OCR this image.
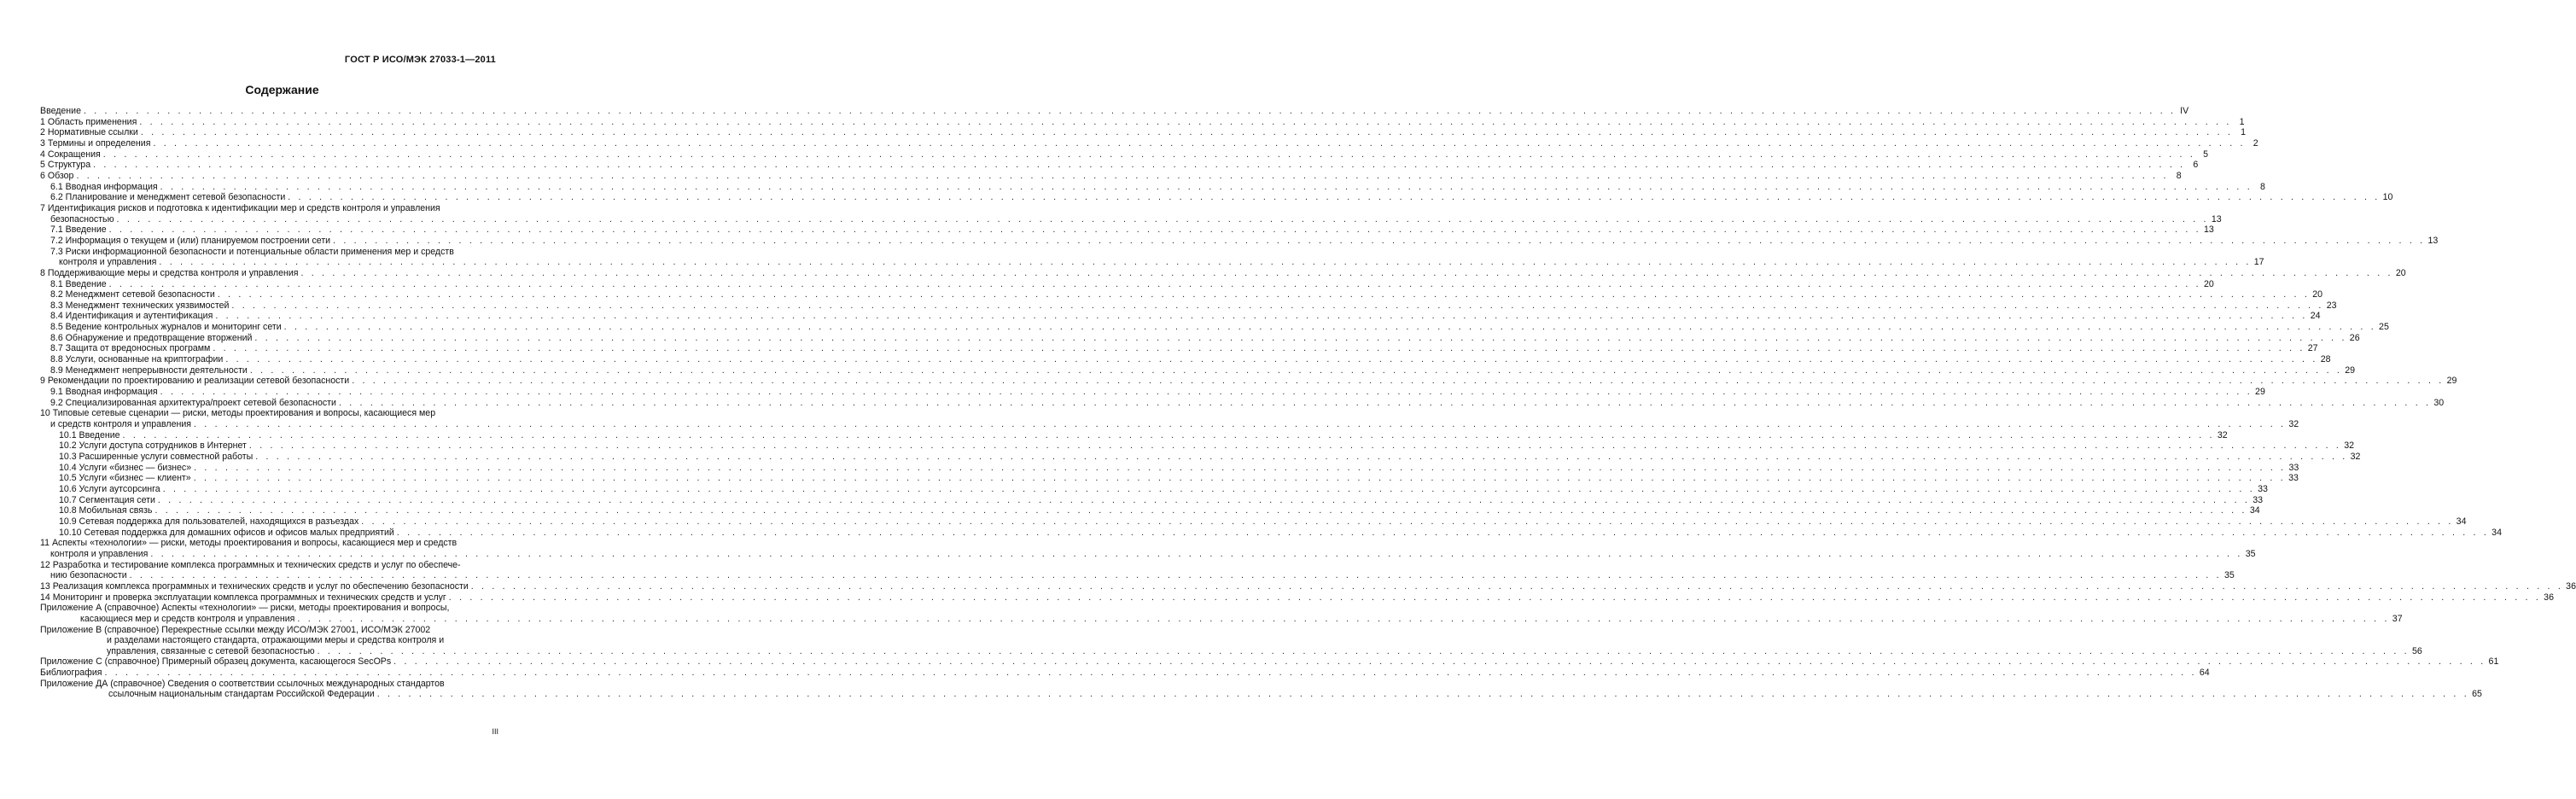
ГОСТ Р ИСО/МЭК 27033-1—2011
Содержание
Введение . . . . . . . . . . . . . . . . . . . . . . . . . . . . . . . . . . . . . . . . . . . . . . . . . . . . . . . . . . . . . . . . . . . . . . . . . . . . . . . . . . . . . . . . . . . . . . . . . . . . . . . . . . . . . . . . . . . . . . . . . . . . . . . . . . . . . . . . . . . . . . . . . . . . . . . . . . . . . . . . . . . . . . . . . . . . . . . . . . . . . . . . . . . . . . . . . . . . . . . . IV
1 Область применения . . . . . . . . . . . . . . . . . . . . . . . . . . . . . . . . . . . . . . . . . . . . . . . . . . . . . . . . . . . . . . . . . . . . . . . . . . . . . . . . . . . . . . . . . . . . . . . . . . . . . . . . . . . . . . . . . . . . . . . . . . . . . . . . . . . . . . . . . . . . . . . . . . . . . . . . . . . . . . . . . . . . . . . . . . . . . . . . . . . . . . . . . . . . . . . . . . . . . . . . 1
2 Нормативные ссылки . . . . . . . . . . . . . . . . . . . . . . . . . . . . . . . . . . . . . . . . . . . . . . . . . . . . . . . . . . . . . . . . . . . . . . . . . . . . . . . . . . . . . . . . . . . . . . . . . . . . . . . . . . . . . . . . . . . . . . . . . . . . . . . . . . . . . . . . . . . . . . . . . . . . . . . . . . . . . . . . . . . . . . . . . . . . . . . . . . . . . . . . . . . . . . . . . . . . . . . . 1
3 Термины и определения . . . . . . . . . . . . . . . . . . . . . . . . . . . . . . . . . . . . . . . . . . . . . . . . . . . . . . . . . . . . . . . . . . . . . . . . . . . . . . . . . . . . . . . . . . . . . . . . . . . . . . . . . . . . . . . . . . . . . . . . . . . . . . . . . . . . . . . . . . . . . . . . . . . . . . . . . . . . . . . . . . . . . . . . . . . . . . . . . . . . . . . . . . . . . . . . . . . . . . . . 2
4 Сокращения . . . . . . . . . . . . . . . . . . . . . . . . . . . . . . . . . . . . . . . . . . . . . . . . . . . . . . . . . . . . . . . . . . . . . . . . . . . . . . . . . . . . . . . . . . . . . . . . . . . . . . . . . . . . . . . . . . . . . . . . . . . . . . . . . . . . . . . . . . . . . . . . . . . . . . . . . . . . . . . . . . . . . . . . . . . . . . . . . . . . . . . . . . . . . . . . . . . . . . . . 5
5 Структура . . . . . . . . . . . . . . . . . . . . . . . . . . . . . . . . . . . . . . . . . . . . . . . . . . . . . . . . . . . . . . . . . . . . . . . . . . . . . . . . . . . . . . . . . . . . . . . . . . . . . . . . . . . . . . . . . . . . . . . . . . . . . . . . . . . . . . . . . . . . . . . . . . . . . . . . . . . . . . . . . . . . . . . . . . . . . . . . . . . . . . . . . . . . . . . . . . . . . . . . 6
6 Обзор . . . . . . . . . . . . . . . . . . . . . . . . . . . . . . . . . . . . . . . . . . . . . . . . . . . . . . . . . . . . . . . . . . . . . . . . . . . . . . . . . . . . . . . . . . . . . . . . . . . . . . . . . . . . . . . . . . . . . . . . . . . . . . . . . . . . . . . . . . . . . . . . . . . . . . . . . . . . . . . . . . . . . . . . . . . . . . . . . . . . . . . . . . . . . . . . . . . . . . . . 8
6.1 Вводная информация . . . . . . . . . . . . . . . . . . . . . . . . . . . . . . . . . . . . . . . . . . . . . . . . . . . . . . . . . . . . . . . . . . . . . . . . . . . . . . . . . . . . . . . . . . . . . . . . . . . . . . . . . . . . . . . . . . . . . . . . . . . . . . . . . . . . . . . . . . . . . . . . . . . . . . . . . . . . . . . . . . . . . . . . . . . . . . . . . . . . . . . . . . . . . . . . . . . . . . . . 8
6.2 Планирование и менеджмент сетевой безопасности . . . . . . . . . . . . . . . . . . . . . . . . . . . . . . . . . . . . . . . . . . . . . . . . . . . . . . . . . . . . . . . . . . . . . . . . . . . . . . . . . . . . . . . . . . . . . . . . . . . . . . . . . . . . . . . . . . . . . . . . . . . . . . . . . . . . . . . . . . . . . . . . . . . . . . . . . . . . . . . . . . . . . . . . . . . . . . . . . . . . . . . . . . . . . . . . . . . . . . . . 10
7 Идентификация рисков и подготовка к идентификации мер и средств контроля и управления
безопасностью . . . . . . . . . . . . . . . . . . . . . . . . . . . . . . . . . . . . . . . . . . . . . . . . . . . . . . . . . . . . . . . . . . . . . . . . . . . . . . . . . . . . . . . . . . . . . . . . . . . . . . . . . . . . . . . . . . . . . . . . . . . . . . . . . . . . . . . . . . . . . . . . . . . . . . . . . . . . . . . . . . . . . . . . . . . . . . . . . . . . . . . . . . . . . . . . . . . . . . . . 13
7.1 Введение . . . . . . . . . . . . . . . . . . . . . . . . . . . . . . . . . . . . . . . . . . . . . . . . . . . . . . . . . . . . . . . . . . . . . . . . . . . . . . . . . . . . . . . . . . . . . . . . . . . . . . . . . . . . . . . . . . . . . . . . . . . . . . . . . . . . . . . . . . . . . . . . . . . . . . . . . . . . . . . . . . . . . . . . . . . . . . . . . . . . . . . . . . . . . . . . . . . . . . . . 13
7.2 Информация о текущем и (или) планируемом построении сети . . . . . . . . . . . . . . . . . . . . . . . . . . . . . . . . . . . . . . . . . . . . . . . . . . . . . . . . . . . . . . . . . . . . . . . . . . . . . . . . . . . . . . . . . . . . . . . . . . . . . . . . . . . . . . . . . . . . . . . . . . . . . . . . . . . . . . . . . . . . . . . . . . . . . . . . . . . . . . . . . . . . . . . . . . . . . . . . . . . . . . . . . . . . . . . . . . . . . . . . 13
7.3 Риски информационной безопасности и потенциальные области применения мер и средств
контроля и управления . . . . . . . . . . . . . . . . . . . . . . . . . . . . . . . . . . . . . . . . . . . . . . . . . . . . . . . . . . . . . . . . . . . . . . . . . . . . . . . . . . . . . . . . . . . . . . . . . . . . . . . . . . . . . . . . . . . . . . . . . . . . . . . . . . . . . . . . . . . . . . . . . . . . . . . . . . . . . . . . . . . . . . . . . . . . . . . . . . . . . . . . . . . . . . . . . . . . . . . . 17
8 Поддерживающие меры и средства контроля и управления . . . . . . . . . . . . . . . . . . . . . . . . . . . . . . . . . . . . . . . . . . . . . . . . . . . . . . . . . . . . . . . . . . . . . . . . . . . . . . . . . . . . . . . . . . . . . . . . . . . . . . . . . . . . . . . . . . . . . . . . . . . . . . . . . . . . . . . . . . . . . . . . . . . . . . . . . . . . . . . . . . . . . . . . . . . . . . . . . . . . . . . . . . . . . . . . . . . . . . . . 20
8.1 Введение . . . . . . . . . . . . . . . . . . . . . . . . . . . . . . . . . . . . . . . . . . . . . . . . . . . . . . . . . . . . . . . . . . . . . . . . . . . . . . . . . . . . . . . . . . . . . . . . . . . . . . . . . . . . . . . . . . . . . . . . . . . . . . . . . . . . . . . . . . . . . . . . . . . . . . . . . . . . . . . . . . . . . . . . . . . . . . . . . . . . . . . . . . . . . . . . . . . . . . . . 20
8.2 Менеджмент сетевой безопасности . . . . . . . . . . . . . . . . . . . . . . . . . . . . . . . . . . . . . . . . . . . . . . . . . . . . . . . . . . . . . . . . . . . . . . . . . . . . . . . . . . . . . . . . . . . . . . . . . . . . . . . . . . . . . . . . . . . . . . . . . . . . . . . . . . . . . . . . . . . . . . . . . . . . . . . . . . . . . . . . . . . . . . . . . . . . . . . . . . . . . . . . . . . . . . . . . . . . . . . . 20
8.3 Менеджмент технических уязвимостей . . . . . . . . . . . . . . . . . . . . . . . . . . . . . . . . . . . . . . . . . . . . . . . . . . . . . . . . . . . . . . . . . . . . . . . . . . . . . . . . . . . . . . . . . . . . . . . . . . . . . . . . . . . . . . . . . . . . . . . . . . . . . . . . . . . . . . . . . . . . . . . . . . . . . . . . . . . . . . . . . . . . . . . . . . . . . . . . . . . . . . . . . . . . . . . . . . . . . . . . 23
8.4 Идентификация и аутентификация . . . . . . . . . . . . . . . . . . . . . . . . . . . . . . . . . . . . . . . . . . . . . . . . . . . . . . . . . . . . . . . . . . . . . . . . . . . . . . . . . . . . . . . . . . . . . . . . . . . . . . . . . . . . . . . . . . . . . . . . . . . . . . . . . . . . . . . . . . . . . . . . . . . . . . . . . . . . . . . . . . . . . . . . . . . . . . . . . . . . . . . . . . . . . . . . . . . . . . . . 24
8.5 Ведение контрольных журналов и мониторинг сети . . . . . . . . . . . . . . . . . . . . . . . . . . . . . . . . . . . . . . . . . . . . . . . . . . . . . . . . . . . . . . . . . . . . . . . . . . . . . . . . . . . . . . . . . . . . . . . . . . . . . . . . . . . . . . . . . . . . . . . . . . . . . . . . . . . . . . . . . . . . . . . . . . . . . . . . . . . . . . . . . . . . . . . . . . . . . . . . . . . . . . . . . . . . . . . . . . . . . . . . 25
8.6 Обнаружение и предотвращение вторжений . . . . . . . . . . . . . . . . . . . . . . . . . . . . . . . . . . . . . . . . . . . . . . . . . . . . . . . . . . . . . . . . . . . . . . . . . . . . . . . . . . . . . . . . . . . . . . . . . . . . . . . . . . . . . . . . . . . . . . . . . . . . . . . . . . . . . . . . . . . . . . . . . . . . . . . . . . . . . . . . . . . . . . . . . . . . . . . . . . . . . . . . . . . . . . . . . . . . . . . . 26
8.7 Защита от вредоносных программ . . . . . . . . . . . . . . . . . . . . . . . . . . . . . . . . . . . . . . . . . . . . . . . . . . . . . . . . . . . . . . . . . . . . . . . . . . . . . . . . . . . . . . . . . . . . . . . . . . . . . . . . . . . . . . . . . . . . . . . . . . . . . . . . . . . . . . . . . . . . . . . . . . . . . . . . . . . . . . . . . . . . . . . . . . . . . . . . . . . . . . . . . . . . . . . . . . . . . . . . 27
8.8 Услуги, основанные на криптографии . . . . . . . . . . . . . . . . . . . . . . . . . . . . . . . . . . . . . . . . . . . . . . . . . . . . . . . . . . . . . . . . . . . . . . . . . . . . . . . . . . . . . . . . . . . . . . . . . . . . . . . . . . . . . . . . . . . . . . . . . . . . . . . . . . . . . . . . . . . . . . . . . . . . . . . . . . . . . . . . . . . . . . . . . . . . . . . . . . . . . . . . . . . . . . . . . . . . . . . . 28
8.9 Менеджмент непрерывности деятельности . . . . . . . . . . . . . . . . . . . . . . . . . . . . . . . . . . . . . . . . . . . . . . . . . . . . . . . . . . . . . . . . . . . . . . . . . . . . . . . . . . . . . . . . . . . . . . . . . . . . . . . . . . . . . . . . . . . . . . . . . . . . . . . . . . . . . . . . . . . . . . . . . . . . . . . . . . . . . . . . . . . . . . . . . . . . . . . . . . . . . . . . . . . . . . . . . . . . . . . . 29
9 Рекомендации по проектированию и реализации сетевой безопасности . . . . . . . . . . . . . . . . . . . . . . . . . . . . . . . . . . . . . . . . . . . . . . . . . . . . . . . . . . . . . . . . . . . . . . . . . . . . . . . . . . . . . . . . . . . . . . . . . . . . . . . . . . . . . . . . . . . . . . . . . . . . . . . . . . . . . . . . . . . . . . . . . . . . . . . . . . . . . . . . . . . . . . . . . . . . . . . . . . . . . . . . . . . . . . . . . . . . . . . . 29
9.1 Вводная информация . . . . . . . . . . . . . . . . . . . . . . . . . . . . . . . . . . . . . . . . . . . . . . . . . . . . . . . . . . . . . . . . . . . . . . . . . . . . . . . . . . . . . . . . . . . . . . . . . . . . . . . . . . . . . . . . . . . . . . . . . . . . . . . . . . . . . . . . . . . . . . . . . . . . . . . . . . . . . . . . . . . . . . . . . . . . . . . . . . . . . . . . . . . . . . . . . . . . . . . . 29
9.2 Специализированная архитектура/проект сетевой безопасности . . . . . . . . . . . . . . . . . . . . . . . . . . . . . . . . . . . . . . . . . . . . . . . . . . . . . . . . . . . . . . . . . . . . . . . . . . . . . . . . . . . . . . . . . . . . . . . . . . . . . . . . . . . . . . . . . . . . . . . . . . . . . . . . . . . . . . . . . . . . . . . . . . . . . . . . . . . . . . . . . . . . . . . . . . . . . . . . . . . . . . . . . . . . . . . . . . . . . . . . 30
10 Типовые сетевые сценарии — риски, методы проектирования и вопросы, касающиеся мер
и средств контроля и управления . . . . . . . . . . . . . . . . . . . . . . . . . . . . . . . . . . . . . . . . . . . . . . . . . . . . . . . . . . . . . . . . . . . . . . . . . . . . . . . . . . . . . . . . . . . . . . . . . . . . . . . . . . . . . . . . . . . . . . . . . . . . . . . . . . . . . . . . . . . . . . . . . . . . . . . . . . . . . . . . . . . . . . . . . . . . . . . . . . . . . . . . . . . . . . . . . . . . . . . . 32
10.1 Введение . . . . . . . . . . . . . . . . . . . . . . . . . . . . . . . . . . . . . . . . . . . . . . . . . . . . . . . . . . . . . . . . . . . . . . . . . . . . . . . . . . . . . . . . . . . . . . . . . . . . . . . . . . . . . . . . . . . . . . . . . . . . . . . . . . . . . . . . . . . . . . . . . . . . . . . . . . . . . . . . . . . . . . . . . . . . . . . . . . . . . . . . . . . . . . . . . . . . . . . . 32
10.2 Услуги доступа сотрудников в Интернет . . . . . . . . . . . . . . . . . . . . . . . . . . . . . . . . . . . . . . . . . . . . . . . . . . . . . . . . . . . . . . . . . . . . . . . . . . . . . . . . . . . . . . . . . . . . . . . . . . . . . . . . . . . . . . . . . . . . . . . . . . . . . . . . . . . . . . . . . . . . . . . . . . . . . . . . . . . . . . . . . . . . . . . . . . . . . . . . . . . . . . . . . . . . . . . . . . . . . . . . 32
10.3 Расширенные услуги совместной работы . . . . . . . . . . . . . . . . . . . . . . . . . . . . . . . . . . . . . . . . . . . . . . . . . . . . . . . . . . . . . . . . . . . . . . . . . . . . . . . . . . . . . . . . . . . . . . . . . . . . . . . . . . . . . . . . . . . . . . . . . . . . . . . . . . . . . . . . . . . . . . . . . . . . . . . . . . . . . . . . . . . . . . . . . . . . . . . . . . . . . . . . . . . . . . . . . . . . . . . . 32
10.4 Услуги «бизнес — бизнес» . . . . . . . . . . . . . . . . . . . . . . . . . . . . . . . . . . . . . . . . . . . . . . . . . . . . . . . . . . . . . . . . . . . . . . . . . . . . . . . . . . . . . . . . . . . . . . . . . . . . . . . . . . . . . . . . . . . . . . . . . . . . . . . . . . . . . . . . . . . . . . . . . . . . . . . . . . . . . . . . . . . . . . . . . . . . . . . . . . . . . . . . . . . . . . . . . . . . . . . . 33
10.5 Услуги «бизнес — клиент» . . . . . . . . . . . . . . . . . . . . . . . . . . . . . . . . . . . . . . . . . . . . . . . . . . . . . . . . . . . . . . . . . . . . . . . . . . . . . . . . . . . . . . . . . . . . . . . . . . . . . . . . . . . . . . . . . . . . . . . . . . . . . . . . . . . . . . . . . . . . . . . . . . . . . . . . . . . . . . . . . . . . . . . . . . . . . . . . . . . . . . . . . . . . . . . . . . . . . . . . 33
10.6 Услуги аутсорсинга . . . . . . . . . . . . . . . . . . . . . . . . . . . . . . . . . . . . . . . . . . . . . . . . . . . . . . . . . . . . . . . . . . . . . . . . . . . . . . . . . . . . . . . . . . . . . . . . . . . . . . . . . . . . . . . . . . . . . . . . . . . . . . . . . . . . . . . . . . . . . . . . . . . . . . . . . . . . . . . . . . . . . . . . . . . . . . . . . . . . . . . . . . . . . . . . . . . . . . . . 33
10.7 Сегментация сети . . . . . . . . . . . . . . . . . . . . . . . . . . . . . . . . . . . . . . . . . . . . . . . . . . . . . . . . . . . . . . . . . . . . . . . . . . . . . . . . . . . . . . . . . . . . . . . . . . . . . . . . . . . . . . . . . . . . . . . . . . . . . . . . . . . . . . . . . . . . . . . . . . . . . . . . . . . . . . . . . . . . . . . . . . . . . . . . . . . . . . . . . . . . . . . . . . . . . . . . 33
10.8 Мобильная связь . . . . . . . . . . . . . . . . . . . . . . . . . . . . . . . . . . . . . . . . . . . . . . . . . . . . . . . . . . . . . . . . . . . . . . . . . . . . . . . . . . . . . . . . . . . . . . . . . . . . . . . . . . . . . . . . . . . . . . . . . . . . . . . . . . . . . . . . . . . . . . . . . . . . . . . . . . . . . . . . . . . . . . . . . . . . . . . . . . . . . . . . . . . . . . . . . . . . . . . . 34
10.9 Сетевая поддержка для пользователей, находящихся в разъездах . . . . . . . . . . . . . . . . . . . . . . . . . . . . . . . . . . . . . . . . . . . . . . . . . . . . . . . . . . . . . . . . . . . . . . . . . . . . . . . . . . . . . . . . . . . . . . . . . . . . . . . . . . . . . . . . . . . . . . . . . . . . . . . . . . . . . . . . . . . . . . . . . . . . . . . . . . . . . . . . . . . . . . . . . . . . . . . . . . . . . . . . . . . . . . . . . . . . . . . . 34
10.10 Сетевая поддержка для домашних офисов и офисов малых предприятий . . . . . . . . . . . . . . . . . . . . . . . . . . . . . . . . . . . . . . . . . . . . . . . . . . . . . . . . . . . . . . . . . . . . . . . . . . . . . . . . . . . . . . . . . . . . . . . . . . . . . . . . . . . . . . . . . . . . . . . . . . . . . . . . . . . . . . . . . . . . . . . . . . . . . . . . . . . . . . . . . . . . . . . . . . . . . . . . . . . . . . . . . . . . . . . . . . . . . . . . 34
11 Аспекты «технологии» — риски, методы проектирования и вопросы, касающиеся мер и средств
контроля и управления . . . . . . . . . . . . . . . . . . . . . . . . . . . . . . . . . . . . . . . . . . . . . . . . . . . . . . . . . . . . . . . . . . . . . . . . . . . . . . . . . . . . . . . . . . . . . . . . . . . . . . . . . . . . . . . . . . . . . . . . . . . . . . . . . . . . . . . . . . . . . . . . . . . . . . . . . . . . . . . . . . . . . . . . . . . . . . . . . . . . . . . . . . . . . . . . . . . . . . . . 35
12 Разработка и тестирование комплекса программных и технических средств и услуг по обеспече-
нию безопасности . . . . . . . . . . . . . . . . . . . . . . . . . . . . . . . . . . . . . . . . . . . . . . . . . . . . . . . . . . . . . . . . . . . . . . . . . . . . . . . . . . . . . . . . . . . . . . . . . . . . . . . . . . . . . . . . . . . . . . . . . . . . . . . . . . . . . . . . . . . . . . . . . . . . . . . . . . . . . . . . . . . . . . . . . . . . . . . . . . . . . . . . . . . . . . . . . . . . . . . . 35
13 Реализация комплекса программных и технических средств и услуг по обеспечению безопасности . . . . . . . . . . . . . . . . . . . . . . . . . . . . . . . . . . . . . . . . . . . . . . . . . . . . . . . . . . . . . . . . . . . . . . . . . . . . . . . . . . . . . . . . . . . . . . . . . . . . . . . . . . . . . . . . . . . . . . . . . . . . . . . . . . . . . . . . . . . . . . . . . . . . . . . . . . . . . . . . . . . . . . . . . . . . . . . . . . . . . . . . . . . . . . . . . . . . . . . . 36
14 Мониторинг и проверка эксплуатации комплекса программных и технических средств и услуг . . . . . . . . . . . . . . . . . . . . . . . . . . . . . . . . . . . . . . . . . . . . . . . . . . . . . . . . . . . . . . . . . . . . . . . . . . . . . . . . . . . . . . . . . . . . . . . . . . . . . . . . . . . . . . . . . . . . . . . . . . . . . . . . . . . . . . . . . . . . . . . . . . . . . . . . . . . . . . . . . . . . . . . . . . . . . . . . . . . . . . . . . . . . . . . . . . . . . . . . 36
Приложение А (справочное) Аспекты «технологии» — риски, методы проектирования и вопросы,
касающиеся мер и средств контроля и управления . . . . . . . . . . . . . . . . . . . . . . . . . . . . . . . . . . . . . . . . . . . . . . . . . . . . . . . . . . . . . . . . . . . . . . . . . . . . . . . . . . . . . . . . . . . . . . . . . . . . . . . . . . . . . . . . . . . . . . . . . . . . . . . . . . . . . . . . . . . . . . . . . . . . . . . . . . . . . . . . . . . . . . . . . . . . . . . . . . . . . . . . . . . . . . . . . . . . . . . . 37
Приложение В (справочное) Перекрестные ссылки между ИСО/МЭК 27001, ИСО/МЭК 27002
и разделами настоящего стандарта, отражающими меры и средства контроля и
управления, связанные с сетевой безопасностью . . . . . . . . . . . . . . . . . . . . . . . . . . . . . . . . . . . . . . . . . . . . . . . . . . . . . . . . . . . . . . . . . . . . . . . . . . . . . . . . . . . . . . . . . . . . . . . . . . . . . . . . . . . . . . . . . . . . . . . . . . . . . . . . . . . . . . . . . . . . . . . . . . . . . . . . . . . . . . . . . . . . . . . . . . . . . . . . . . . . . . . . . . . . . . . . . . . . . . . . 56
Приложение С (справочное) Примерный образец документа, касающегося SecOPs . . . . . . . . . . . . . . . . . . . . . . . . . . . . . . . . . . . . . . . . . . . . . . . . . . . . . . . . . . . . . . . . . . . . . . . . . . . . . . . . . . . . . . . . . . . . . . . . . . . . . . . . . . . . . . . . . . . . . . . . . . . . . . . . . . . . . . . . . . . . . . . . . . . . . . . . . . . . . . . . . . . . . . . . . . . . . . . . . . . . . . . . . . . . . . . . . . . . . . . . 61
Библиография . . . . . . . . . . . . . . . . . . . . . . . . . . . . . . . . . . . . . . . . . . . . . . . . . . . . . . . . . . . . . . . . . . . . . . . . . . . . . . . . . . . . . . . . . . . . . . . . . . . . . . . . . . . . . . . . . . . . . . . . . . . . . . . . . . . . . . . . . . . . . . . . . . . . . . . . . . . . . . . . . . . . . . . . . . . . . . . . . . . . . . . . . . . . . . . . . . . . . . . . 64
Приложение ДА (справочное) Сведения о соответствии ссылочных международных стандартов
ссылочным национальным стандартам Российской Федерации . . . . . . . . . . . . . . . . . . . . . . . . . . . . . . . . . . . . . . . . . . . . . . . . . . . . . . . . . . . . . . . . . . . . . . . . . . . . . . . . . . . . . . . . . . . . . . . . . . . . . . . . . . . . . . . . . . . . . . . . . . . . . . . . . . . . . . . . . . . . . . . . . . . . . . . . . . . . . . . . . . . . . . . . . . . . . . . . . . . . . . . . . . . . . . . . . . . . . . . . 65
III
